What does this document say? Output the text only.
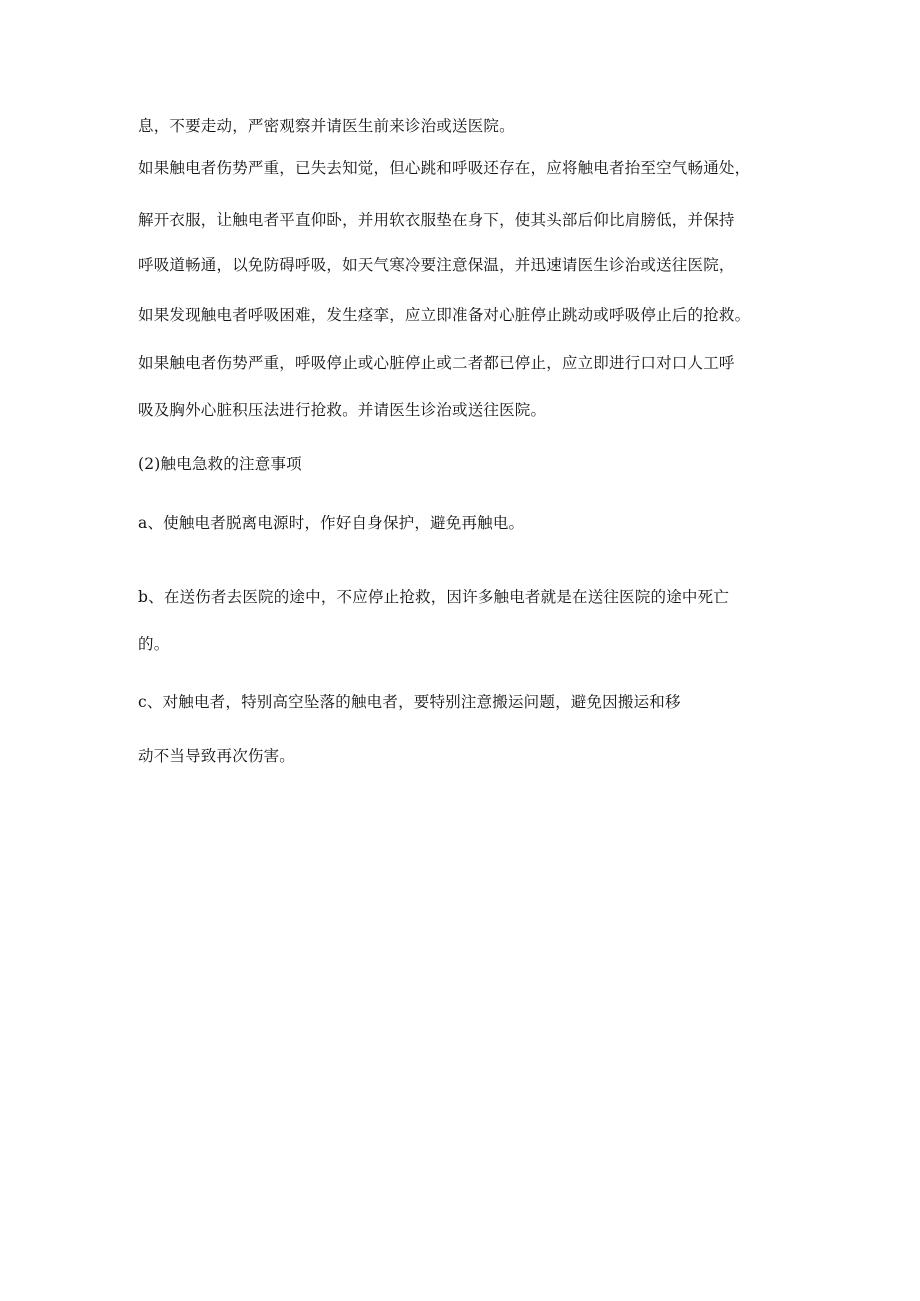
息，不要走动，严密观察并请医生前来诊治或送医院。
如果触电者伤势严重，已失去知觉，但心跳和呼吸还存在，应将触电者抬至空气畅通处，
解开衣服，让触电者平直仰卧，并用软衣服垫在身下，使其头部后仰比肩膀低，并保持
呼吸道畅通，以免防碍呼吸，如天气寒冷要注意保温，并迅速请医生诊治或送往医院，
如果发现触电者呼吸困难，发生痉挛，应立即准备对心脏停止跳动或呼吸停止后的抢救。
如果触电者伤势严重，呼吸停止或心脏停止或二者都已停止，应立即进行口对口人工呼
吸及胸外心脏积压法进行抢救。并请医生诊治或送往医院。
(2)触电急救的注意事项
a、使触电者脱离电源时，作好自身保护，避免再触电。
b、在送伤者去医院的途中，不应停止抢救，因许多触电者就是在送往医院的途中死亡
的。
c、对触电者，特别高空坠落的触电者，要特别注意搬运问题，避免因搬运和移
动不当导致再次伤害。
